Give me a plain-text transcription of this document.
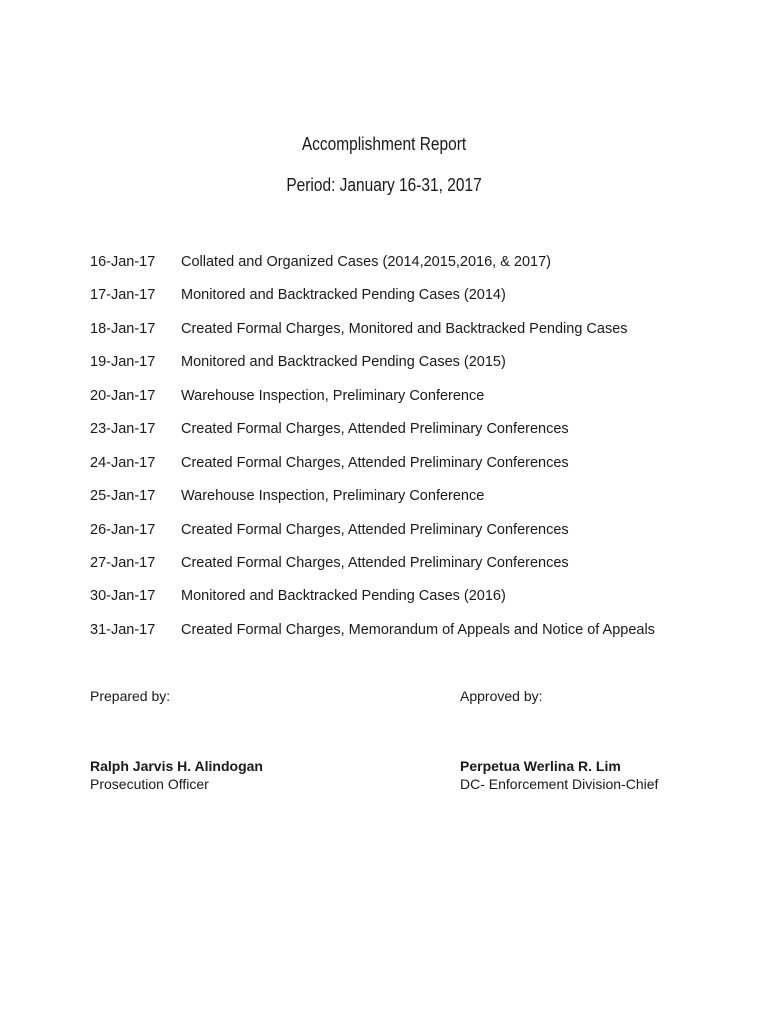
Accomplishment Report
Period: January 16-31, 2017
16-Jan-17	Collated and Organized Cases (2014,2015,2016, & 2017)
17-Jan-17	Monitored and Backtracked Pending Cases (2014)
18-Jan-17	Created Formal Charges, Monitored and Backtracked Pending Cases
19-Jan-17	Monitored and Backtracked Pending Cases (2015)
20-Jan-17	Warehouse Inspection, Preliminary Conference
23-Jan-17	Created Formal Charges, Attended Preliminary Conferences
24-Jan-17	Created Formal Charges, Attended Preliminary Conferences
25-Jan-17	Warehouse Inspection, Preliminary Conference
26-Jan-17	Created Formal Charges, Attended Preliminary Conferences
27-Jan-17	Created Formal Charges, Attended Preliminary Conferences
30-Jan-17	Monitored and Backtracked Pending Cases (2016)
31-Jan-17	Created Formal Charges, Memorandum of Appeals and Notice of Appeals
Prepared by:	Approved by:
Ralph Jarvis H. Alindogan
Prosecution Officer
Perpetua Werlina R. Lim
DC- Enforcement Division-Chief
